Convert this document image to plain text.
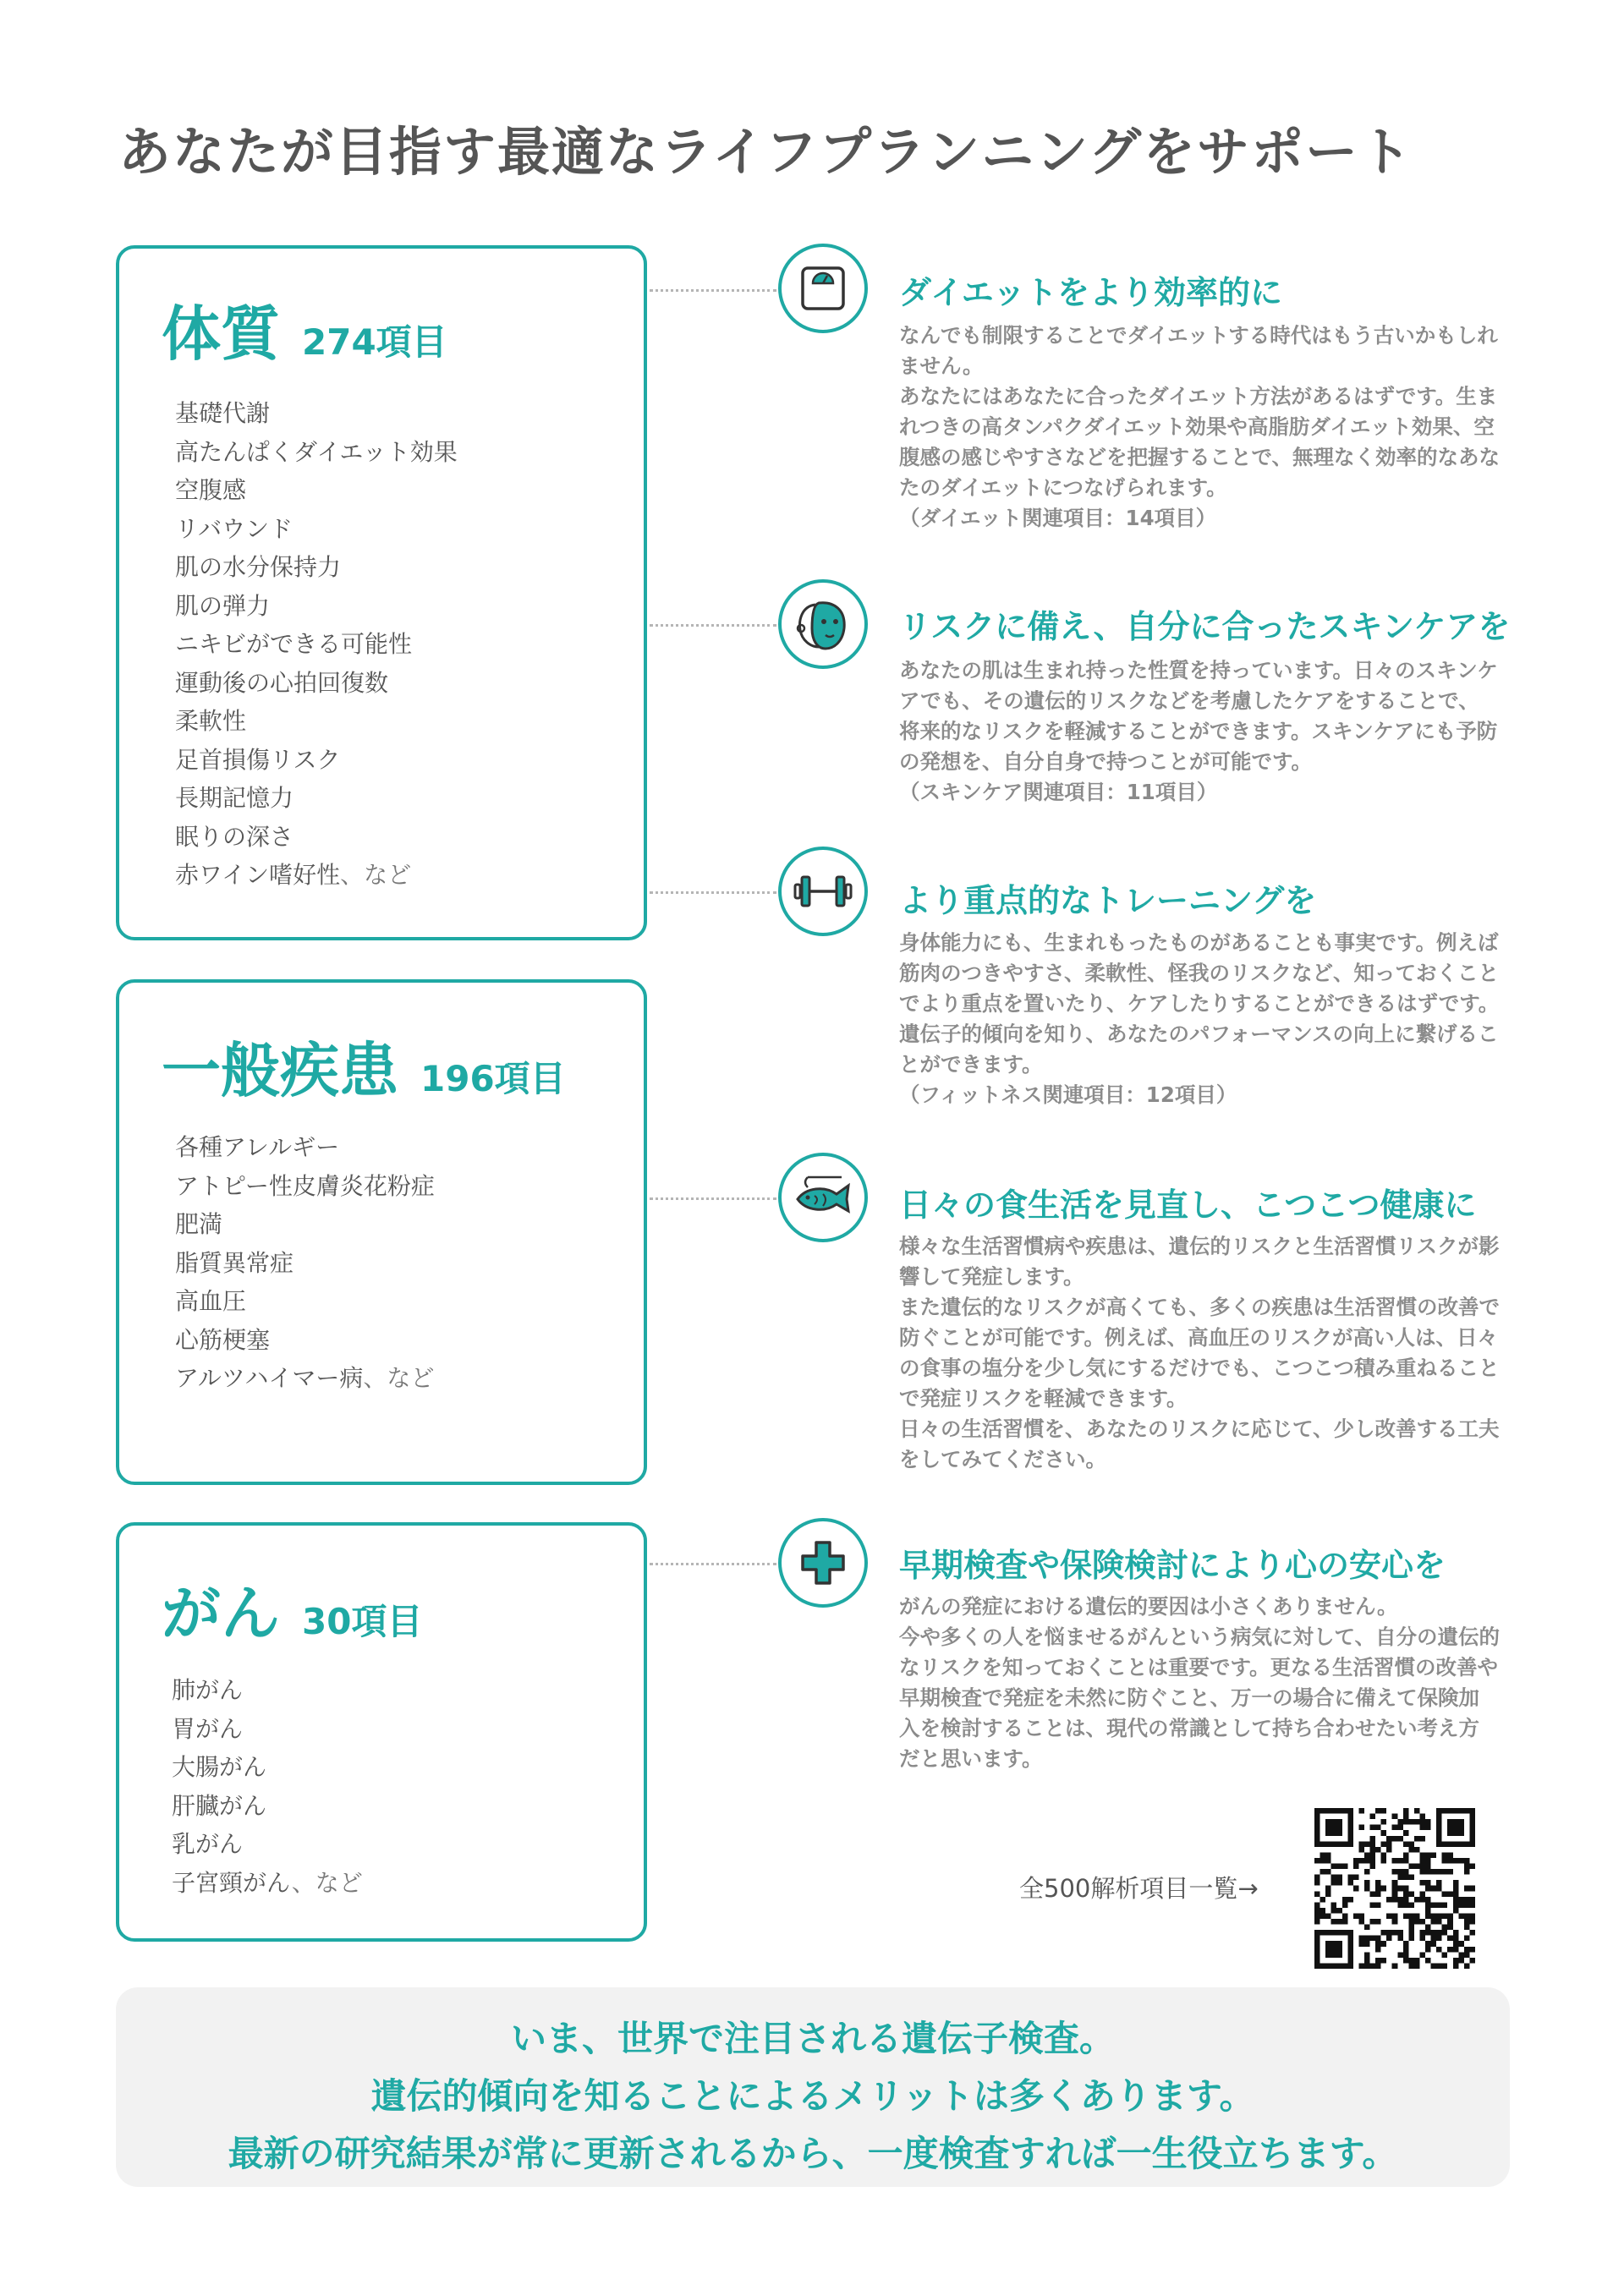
あなたが目指す最適なライフプランニングをサポート
体質 274項目
基礎代謝
高たんぱくダイエット効果
空腹感
リバウンド
肌の水分保持力
肌の弾力
ニキビができる可能性
運動後の心拍回復数
柔軟性
足首損傷リスク
長期記憶力
眠りの深さ
赤ワイン嗜好性、など
一般疾患 196項目
各種アレルギー
アトピー性皮膚炎花粉症
肥満
脂質異常症
高血圧
心筋梗塞
アルツハイマー病、など
がん 30項目
肺がん
胃がん
大腸がん
肝臓がん
乳がん
子宮頸がん、など
ダイエットをより効率的に

なんでも制限することでダイエットする時代はもう古いかもしれません。

あなたにはあなたに合ったダイエット方法があるはずです。生まれつきの高タンパクダイエット効果や高脂肪ダイエット効果、空腹感の感じやすさなどを把握することで、無理なく効率的なあなたのダイエットにつなげられます。

（ダイエット関連項目：14項目）

リスクに備え、自分に合ったスキンケアを

あなたの肌は生まれ持った性質を持っています。日々のスキンケアでも、その遺伝的リスクなどを考慮したケアをすることで、将来的なリスクを軽減することができます。スキンケアにも予防の発想を、自分自身で持つことが可能です。

（スキンケア関連項目：11項目）

より重点的なトレーニングを

身体能力にも、生まれもったものがあることも事実です。例えば筋肉のつきやすさ、柔軟性、怪我のリスクなど、知っておくことでより重点を置いたり、ケアしたりすることができるはずです。遺伝子的傾向を知り、あなたのパフォーマンスの向上に繋げることができます。

（フィットネス関連項目：12項目）

日々の食生活を見直し、こつこつ健康に

様々な生活習慣病や疾患は、遺伝的リスクと生活習慣リスクが影響して発症します。

また遺伝的なリスクが高くても、多くの疾患は生活習慣の改善で防ぐことが可能です。例えば、高血圧のリスクが高い人は、日々の食事の塩分を少し気にするだけでも、こつこつ積み重ねることで発症リスクを軽減できます。

日々の生活習慣を、あなたのリスクに応じて、少し改善する工夫をしてみてください。

早期検査や保険検討により心の安心を

がんの発症における遺伝的要因は小さくありません。

今や多くの人を悩ませるがんという病気に対して、自分の遺伝的なリスクを知っておくことは重要です。更なる生活習慣の改善や早期検査で発症を未然に防ぐこと、万一の場合に備えて保険加入を検討することは、現代の常識として持ち合わせたい考え方だと思います。

全500解析項目一覧→
いま、世界で注目される遺伝子検査。
遺伝的傾向を知ることによるメリットは多くあります。
最新の研究結果が常に更新されるから、一度検査すれば一生役立ちます。
